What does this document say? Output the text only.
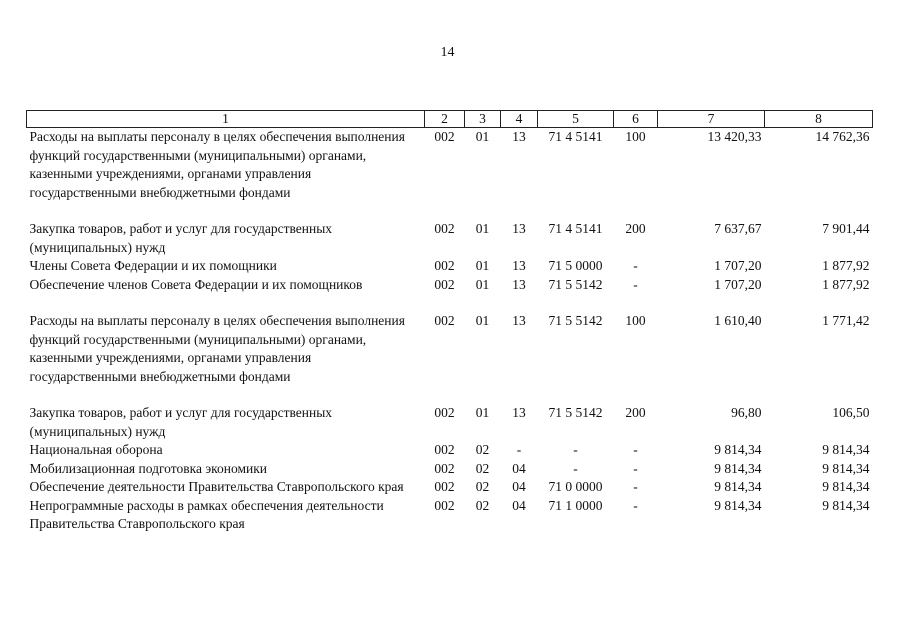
14
1	2	3	4	5	6	7	8
Расходы на выплаты персоналу в целях обеспечения выполнения функций государственными (муниципальными) органами, казенными учреждениями, органами управления государственными внебюджетными фондами	002	01	13	71 4 5141	100	13 420,33	14 762,36
Закупка товаров, работ и услуг для государственных (муниципальных) нужд	002	01	13	71 4 5141	200	7 637,67	7 901,44
Члены Совета Федерации и их помощники	002	01	13	71 5 0000	-	1 707,20	1 877,92
Обеспечение членов Совета Федерации и их помощников	002	01	13	71 5 5142	-	1 707,20	1 877,92
Расходы на выплаты персоналу в целях обеспечения выполнения функций государственными (муниципальными) органами, казенными учреждениями, органами управления государственными внебюджетными фондами	002	01	13	71 5 5142	100	1 610,40	1 771,42
Закупка товаров, работ и услуг для государственных (муниципальных) нужд	002	01	13	71 5 5142	200	96,80	106,50
Национальная оборона	002	02	-	-	-	9 814,34	9 814,34
Мобилизационная подготовка экономики	002	02	04	-	-	9 814,34	9 814,34
Обеспечение деятельности Правительства Ставропольского края	002	02	04	71 0 0000	-	9 814,34	9 814,34
Непрограммные расходы в рамках обеспечения деятельности Правительства Ставропольского края	002	02	04	71 1 0000	-	9 814,34	9 814,34
